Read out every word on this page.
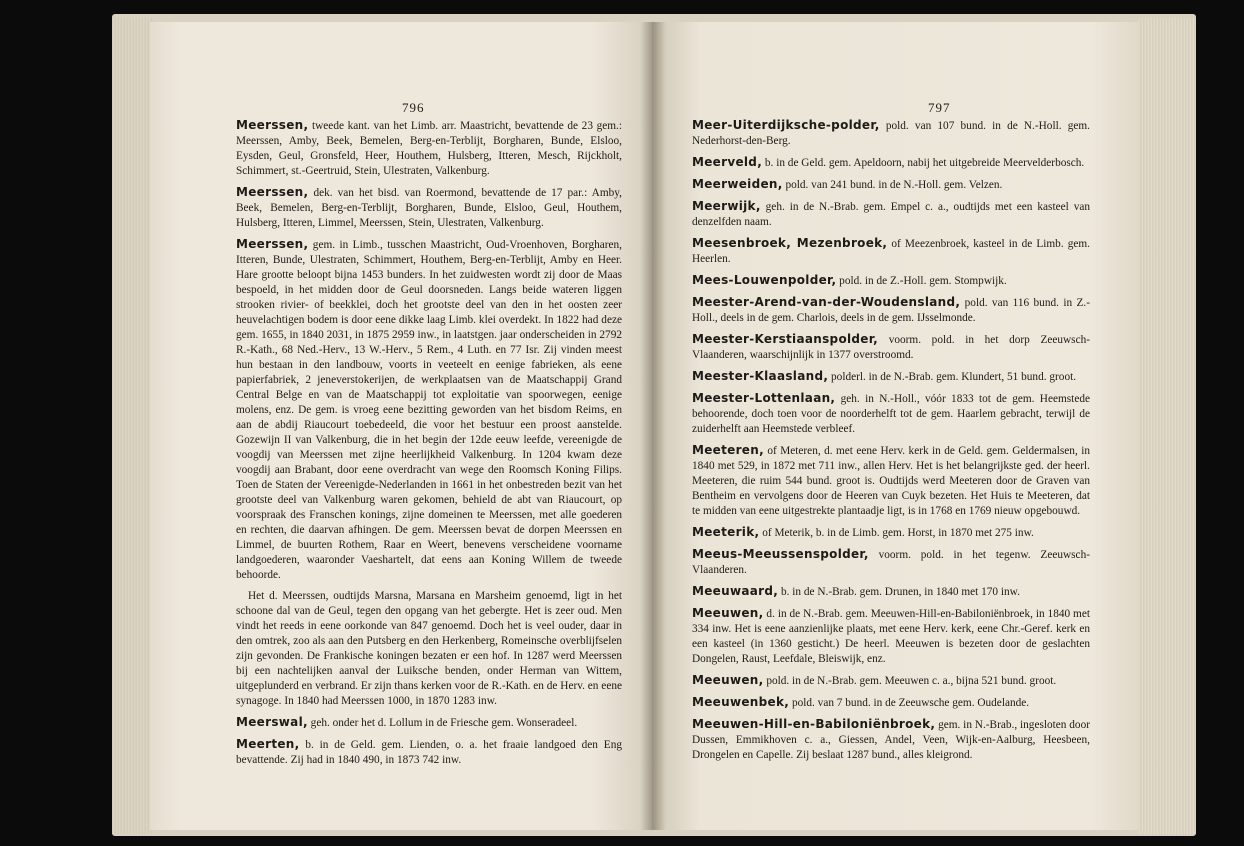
796

Meerssen, tweede kant. van het Limb. arr. Maastricht, bevattende de 23 gem.: Meerssen, Amby, Beek, Bemelen, Berg-en-Terblijt, Borgharen, Bunde, Elsloo, Eysden, Geul, Gronsfeld, Heer, Houthem, Hulsberg, Itteren, Mesch, Rijckholt, Schimmert, st.-Geertruid, Stein, Ulestraten, Valkenburg.

Meerssen, dek. van het bisd. van Roermond, bevattende de 17 par.: Amby, Beek, Bemelen, Berg-en-Terblijt, Borgharen, Bunde, Elsloo, Geul, Houthem, Hulsberg, Itteren, Limmel, Meerssen, Stein, Ulestraten, Valkenburg.

Meerssen, gem. in Limb., tusschen Maastricht, Oud-Vroenhoven, Borgharen, Itteren, Bunde, Ulestraten, Schimmert, Houthem, Berg-en-Terblijt, Amby en Heer. Hare grootte beloopt bijna 1453 bunders. In het zuidwesten wordt zij door de Maas bespoeld, in het midden door de Geul doorsneden. Langs beide wateren liggen strooken rivier- of beekklei, doch het grootste deel van den in het oosten zeer heuvelachtigen bodem is door eene dikke laag Limb. klei overdekt. In 1822 had deze gem. 1655, in 1840 2031, in 1875 2959 inw., in laatstgen. jaar onderscheiden in 2792 R.-Kath., 68 Ned.-Herv., 13 W.-Herv., 5 Rem., 4 Luth. en 77 Isr. Zij vinden meest hun bestaan in den landbouw, voorts in veeteelt en eenige fabrieken, als eene papierfabriek, 2 jeneverstokerijen, de werkplaatsen van de Maatschappij Grand Central Belge en van de Maatschappij tot exploitatie van spoorwegen, eenige molens, enz. De gem. is vroeg eene bezitting geworden van het bisdom Reims, en aan de abdij Riaucourt toebedeeld, die voor het bestuur een proost aanstelde. Gozewijn II van Valkenburg, die in het begin der 12de eeuw leefde, vereenigde de voogdij van Meerssen met zijne heerlijkheid Valkenburg. In 1204 kwam deze voogdij aan Brabant, door eene overdracht van wege den Roomsch Koning Filips. Toen de Staten der Vereenigde-Nederlanden in 1661 in het onbestreden bezit van het grootste deel van Valkenburg waren gekomen, behield de abt van Riaucourt, op voorspraak des Franschen konings, zijne domeinen te Meerssen, met alle goederen en rechten, die daarvan afhingen. De gem. Meerssen bevat de dorpen Meerssen en Limmel, de buurten Rothem, Raar en Weert, benevens verscheidene voorname landgoederen, waaronder Vaeshartelt, dat eens aan Koning Willem de tweede behoorde.

Het d. Meerssen, oudtijds Marsna, Marsana en Marsheim genoemd, ligt in het schoone dal van de Geul, tegen den opgang van het gebergte. Het is zeer oud. Men vindt het reeds in eene oorkonde van 847 genoemd. Doch het is veel ouder, daar in den omtrek, zoo als aan den Putsberg en den Herkenberg, Romeinsche overblijfselen zijn gevonden. De Frankische koningen bezaten er een hof. In 1287 werd Meerssen bij een nachtelijken aanval der Luiksche benden, onder Herman van Wittem, uitgeplunderd en verbrand. Er zijn thans kerken voor de R.-Kath. en de Herv. en eene synagoge. In 1840 had Meerssen 1000, in 1870 1283 inw.

Meerswal, geh. onder het d. Lollum in de Friesche gem. Wonseradeel.

Meerten, b. in de Geld. gem. Lienden, o. a. het fraaie landgoed den Eng bevattende. Zij had in 1840 490, in 1873 742 inw.

797

Meer-Uiterdijksche-polder, pold. van 107 bund. in de N.-Holl. gem. Nederhorst-den-Berg.

Meerveld, b. in de Geld. gem. Apeldoorn, nabij het uitgebreide Meervelderbosch.

Meerweiden, pold. van 241 bund. in de N.-Holl. gem. Velzen.

Meerwijk, geh. in de N.-Brab. gem. Empel c. a., oudtijds met een kasteel van denzelfden naam.

Meesenbroek, Mezenbroek, of Meezenbroek, kasteel in de Limb. gem. Heerlen.

Mees-Louwenpolder, pold. in de Z.-Holl. gem. Stompwijk.

Meester-Arend-van-der-Woudensland, pold. van 116 bund. in Z.-Holl., deels in de gem. Charlois, deels in de gem. IJsselmonde.

Meester-Kerstiaanspolder, voorm. pold. in het dorp Zeeuwsch-Vlaanderen, waarschijnlijk in 1377 overstroomd.

Meester-Klaasland, polderl. in de N.-Brab. gem. Klundert, 51 bund. groot.

Meester-Lottenlaan, geh. in N.-Holl., vóór 1833 tot de gem. Heemstede behoorende, doch toen voor de noorderhelft tot de gem. Haarlem gebracht, terwijl de zuiderhelft aan Heemstede verbleef.

Meeteren, of Meteren, d. met eene Herv. kerk in de Geld. gem. Geldermalsen, in 1840 met 529, in 1872 met 711 inw., allen Herv. Het is het belangrijkste ged. der heerl. Meeteren, die ruim 544 bund. groot is. Oudtijds werd Meeteren door de Graven van Bentheim en vervolgens door de Heeren van Cuyk bezeten. Het Huis te Meeteren, dat te midden van eene uitgestrekte plantaadje ligt, is in 1768 en 1769 nieuw opgebouwd.

Meeterik, of Meterik, b. in de Limb. gem. Horst, in 1870 met 275 inw.

Meeus-Meeussenspolder, voorm. pold. in het tegenw. Zeeuwsch-Vlaanderen.

Meeuwaard, b. in de N.-Brab. gem. Drunen, in 1840 met 170 inw.

Meeuwen, d. in de N.-Brab. gem. Meeuwen-Hill-en-Babiloniënbroek, in 1840 met 334 inw. Het is eene aanzienlijke plaats, met eene Herv. kerk, eene Chr.-Geref. kerk en een kasteel (in 1360 gesticht.) De heerl. Meeuwen is bezeten door de geslachten Dongelen, Raust, Leefdale, Bleiswijk, enz.

Meeuwen, pold. in de N.-Brab. gem. Meeuwen c. a., bijna 521 bund. groot.

Meeuwenbek, pold. van 7 bund. in de Zeeuwsche gem. Oudelande.

Meeuwen-Hill-en-Babiloniënbroek, gem. in N.-Brab., ingesloten door Dussen, Emmikhoven c. a., Giessen, Andel, Veen, Wijk-en-Aalburg, Heesbeen, Drongelen en Capelle. Zij beslaat 1287 bund., alles kleigrond.
